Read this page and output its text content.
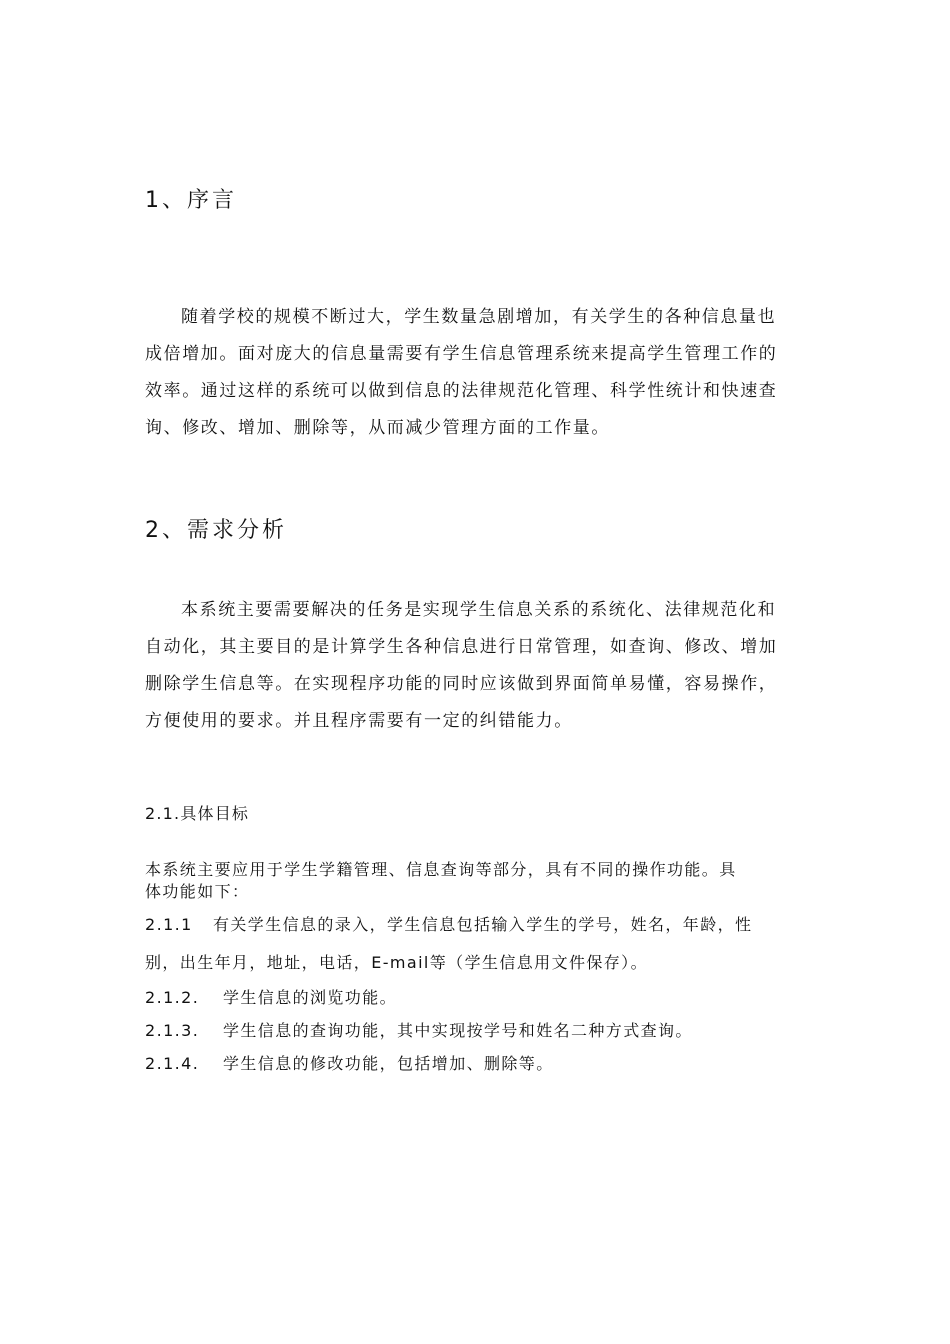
1、序言
随着学校的规模不断过大，学生数量急剧增加，有关学生的各种信息量也
成倍增加。面对庞大的信息量需要有学生信息管理系统来提高学生管理工作的
效率。通过这样的系统可以做到信息的法律规范化管理、科学性统计和快速查
询、修改、增加、删除等，从而减少管理方面的工作量。
2、需求分析
本系统主要需要解决的任务是实现学生信息关系的系统化、法律规范化和
自动化，其主要目的是计算学生各种信息进行日常管理，如查询、修改、增加
删除学生信息等。在实现程序功能的同时应该做到界面简单易懂，容易操作，
方便使用的要求。并且程序需要有一定的纠错能力。
2.1.具体目标
本系统主要应用于学生学籍管理、信息查询等部分，具有不同的操作功能。具
体功能如下：
2.1.1 有关学生信息的录入，学生信息包括输入学生的学号，姓名，年龄，性
别，出生年月，地址，电话，E-mail等（学生信息用文件保存）。
2.1.2. 学生信息的浏览功能。
2.1.3. 学生信息的查询功能，其中实现按学号和姓名二种方式查询。
2.1.4. 学生信息的修改功能，包括增加、删除等。
